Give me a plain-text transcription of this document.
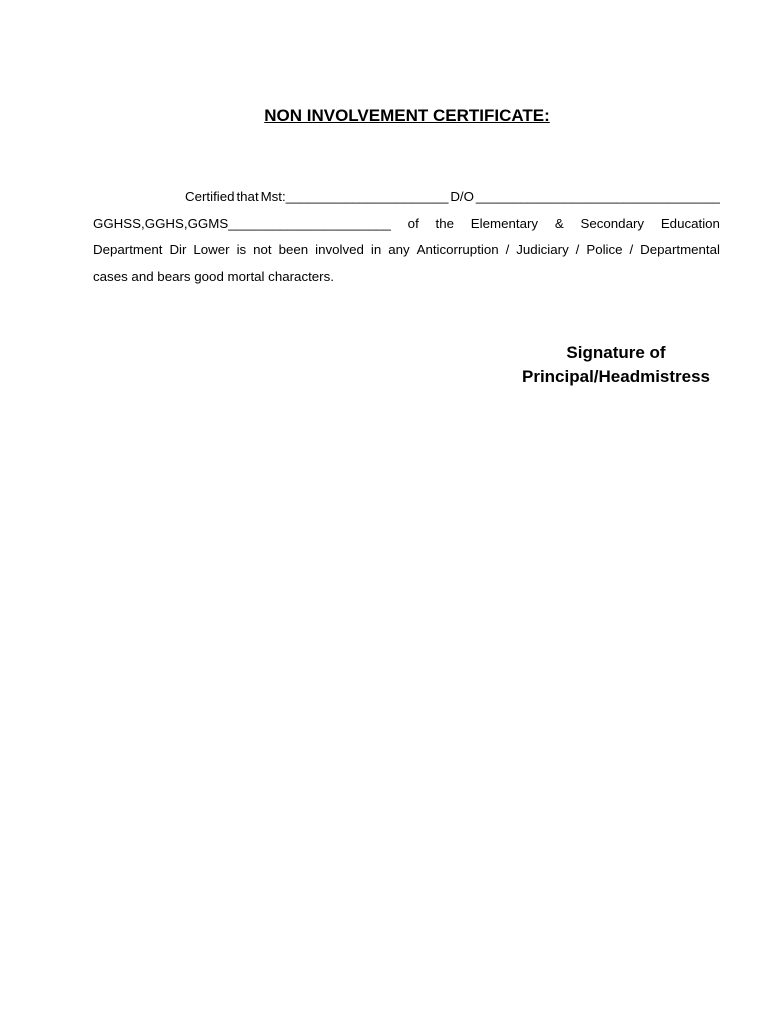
NON INVOLVEMENT CERTIFICATE:
Certified that Mst:______________________ D/O _________________________________
GGHSS,GGHS,GGMS______________________ of the Elementary & Secondary Education
Department Dir Lower is not been involved in any Anticorruption / Judiciary / Police / Departmental
cases and bears good mortal characters.
Signature of
Principal/Headmistress
